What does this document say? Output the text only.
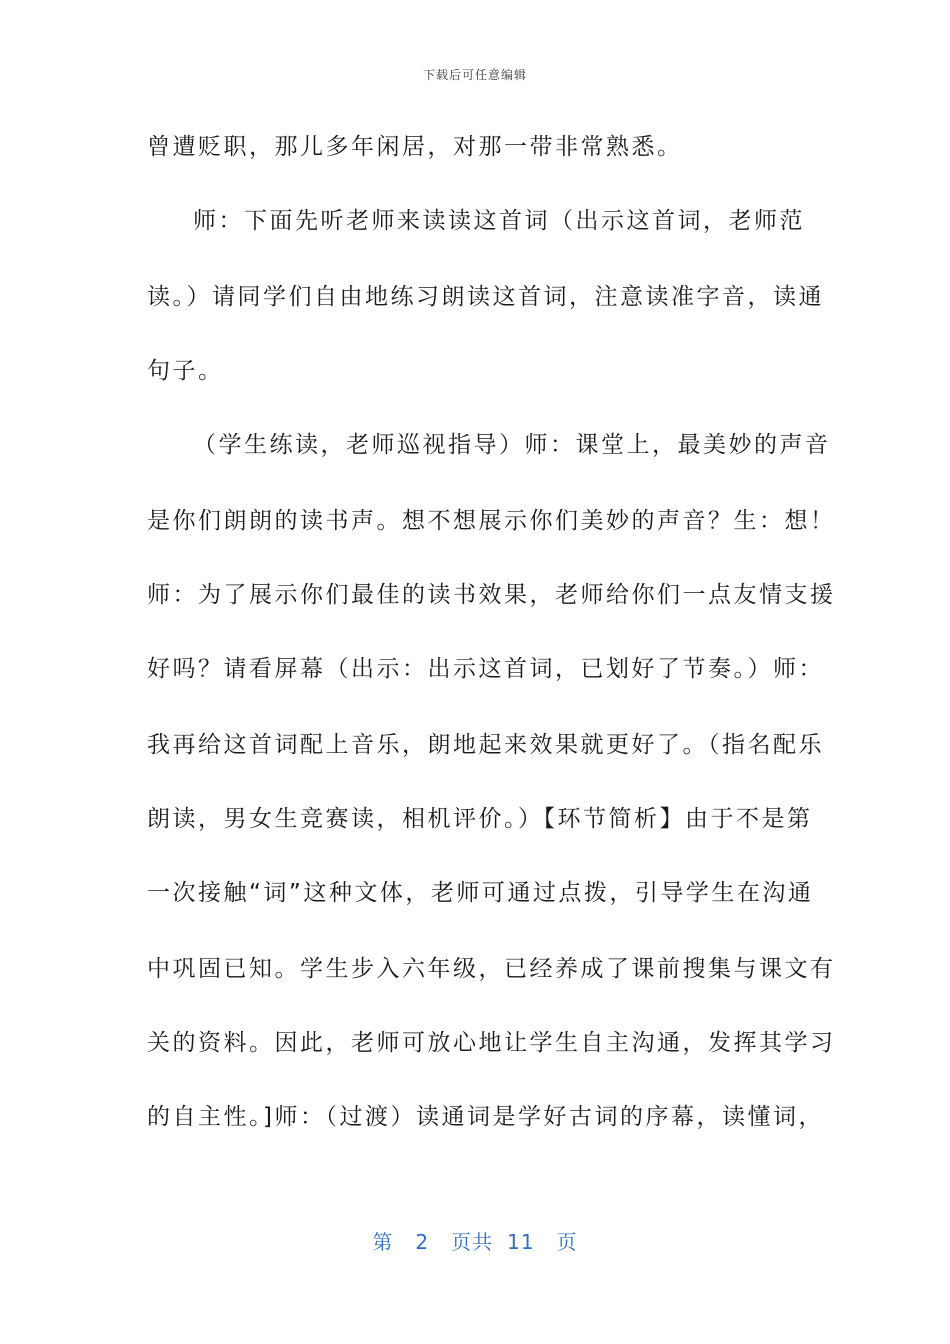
下载后可任意编辑
曾遭贬职，那儿多年闲居，对那一带非常熟悉。
师：下面先听老师来读读这首词（出示这首词，老师范
读。）请同学们自由地练习朗读这首词，注意读准字音，读通
句子。
（学生练读，老师巡视指导）师：课堂上，最美妙的声音
是你们朗朗的读书声。想不想展示你们美妙的声音？生：想！
师：为了展示你们最佳的读书效果，老师给你们一点友情支援
好吗？请看屏幕（出示：出示这首词，已划好了节奏。）师：
我再给这首词配上音乐，朗地起来效果就更好了。（指名配乐
朗读，男女生竞赛读，相机评价。）【环节简析】由于不是第
一次接触“词”这种文体，老师可通过点拨，引导学生在沟通
中巩固已知。学生步入六年级，已经养成了课前搜集与课文有
关的资料。因此，老师可放心地让学生自主沟通，发挥其学习
的自主性。]师：（过渡）读通词是学好古词的序幕，读懂词，
第 2 页共 11 页
